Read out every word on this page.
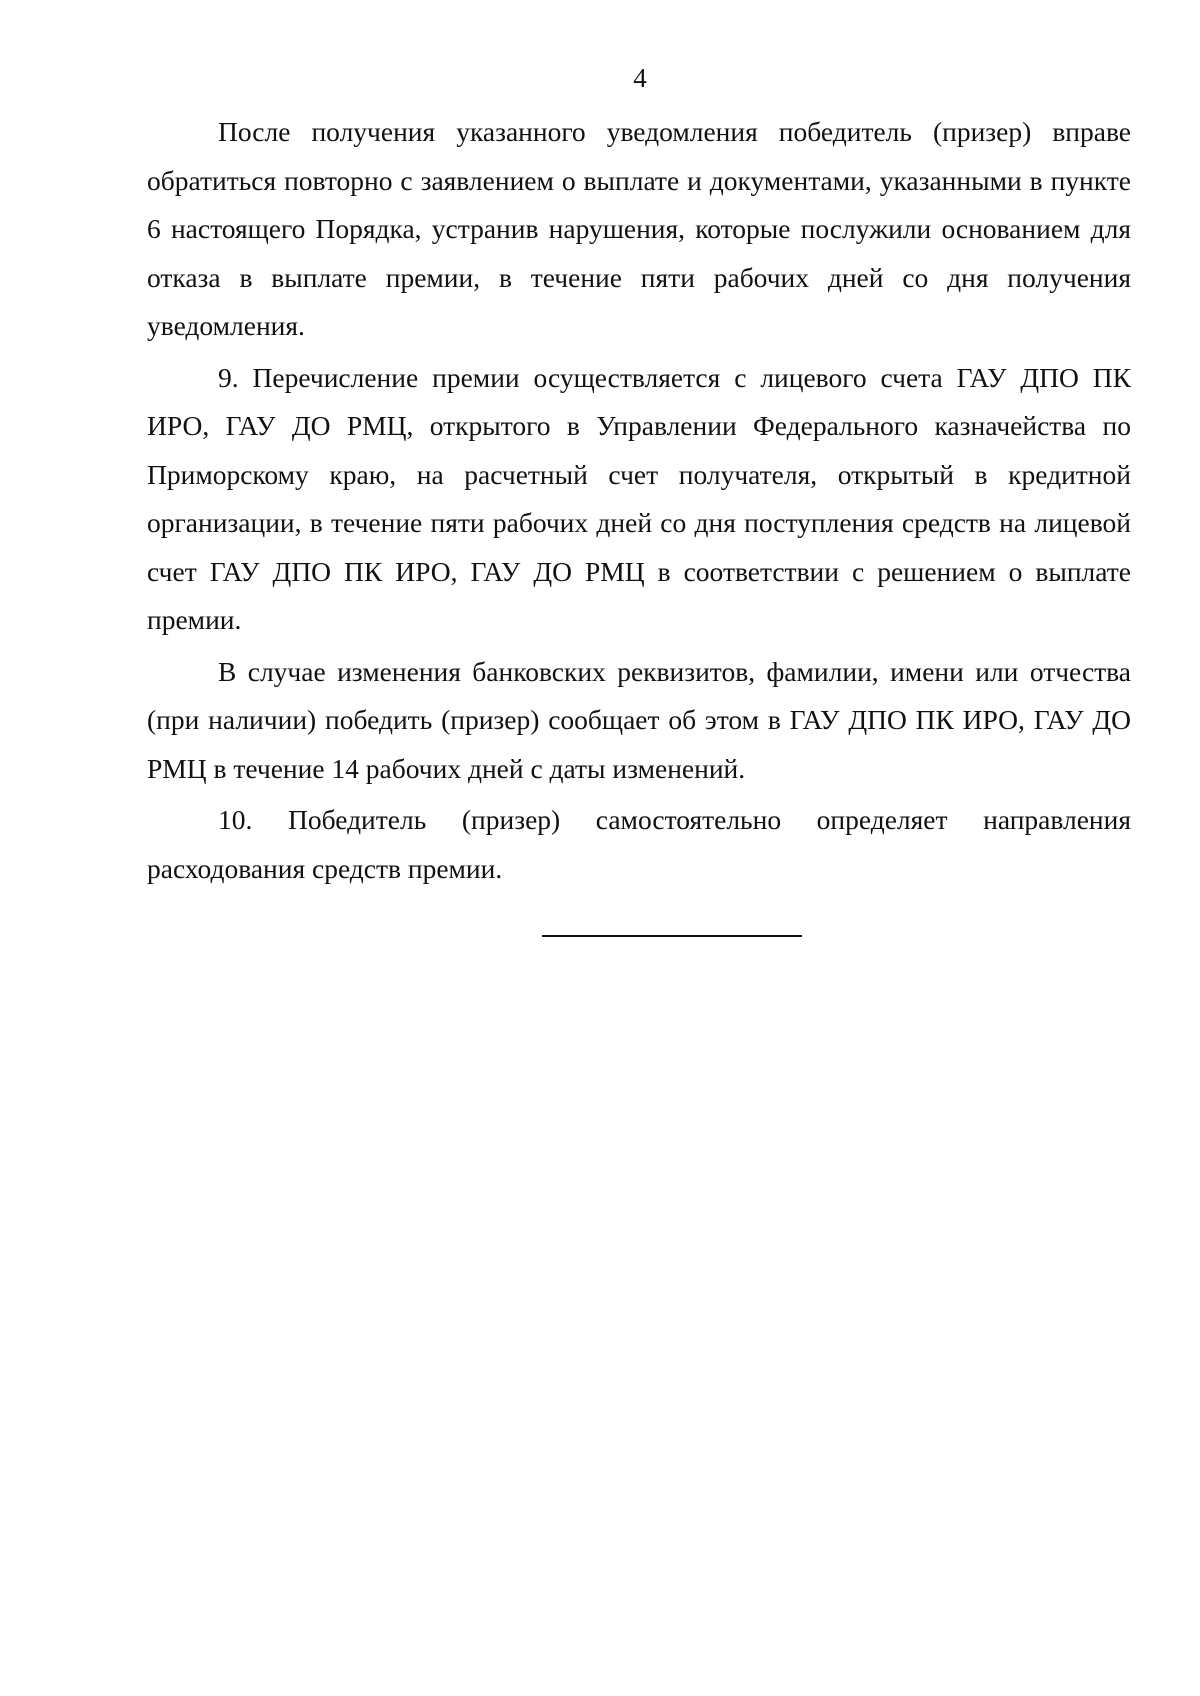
4

После получения указанного уведомления победитель (призер) вправе обратиться повторно с заявлением о выплате и документами, указанными в пункте 6 настоящего Порядка, устранив нарушения, которые послужили основанием для отказа в выплате премии, в течение пяти рабочих дней со дня получения уведомления.

9. Перечисление премии осуществляется с лицевого счета ГАУ ДПО ПК ИРО, ГАУ ДО РМЦ, открытого в Управлении Федерального казначейства по Приморскому краю, на расчетный счет получателя, открытый в кредитной организации, в течение пяти рабочих дней со дня поступления средств на лицевой счет ГАУ ДПО ПК ИРО, ГАУ ДО РМЦ в соответствии с решением о выплате премии.

В случае изменения банковских реквизитов, фамилии, имени или отчества (при наличии) победить (призер) сообщает об этом в ГАУ ДПО ПК ИРО, ГАУ ДО РМЦ в течение 14 рабочих дней с даты изменений.

10. Победитель (призер) самостоятельно определяет направления расходования средств премии.
